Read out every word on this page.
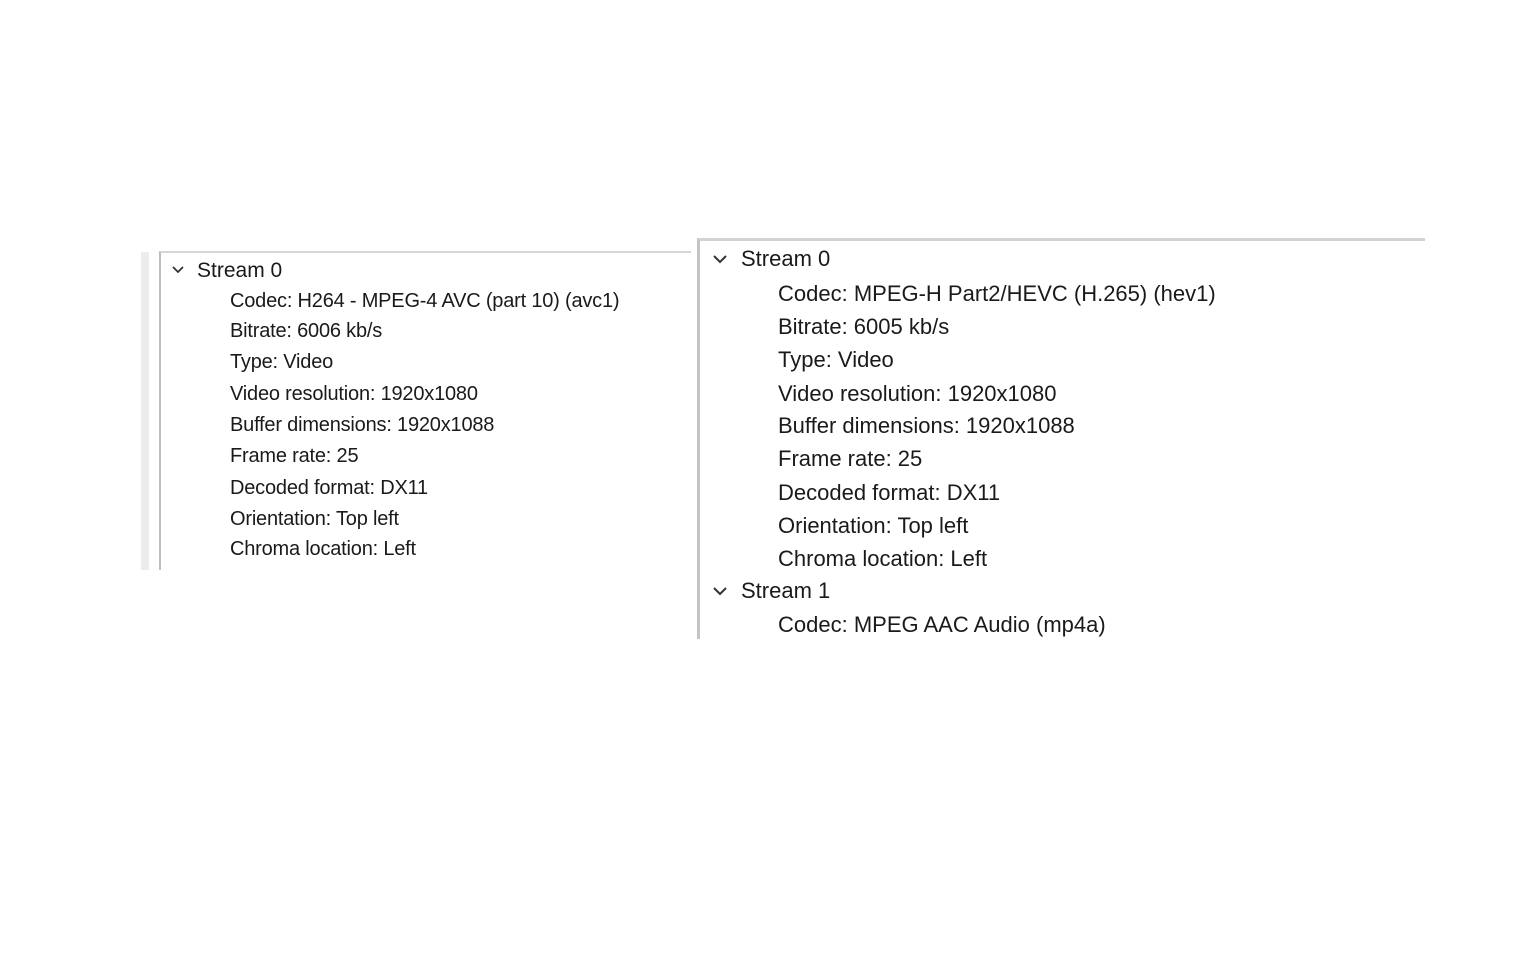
Stream 0
Codec: H264 - MPEG-4 AVC (part 10) (avc1)
Bitrate: 6006 kb/s
Type: Video
Video resolution: 1920x1080
Buffer dimensions: 1920x1088
Frame rate: 25
Decoded format: DX11
Orientation: Top left
Chroma location: Left
Stream 0
Codec: MPEG-H Part2/HEVC (H.265) (hev1)
Bitrate: 6005 kb/s
Type: Video
Video resolution: 1920x1080
Buffer dimensions: 1920x1088
Frame rate: 25
Decoded format: DX11
Orientation: Top left
Chroma location: Left
Stream 1
Codec: MPEG AAC Audio (mp4a)
